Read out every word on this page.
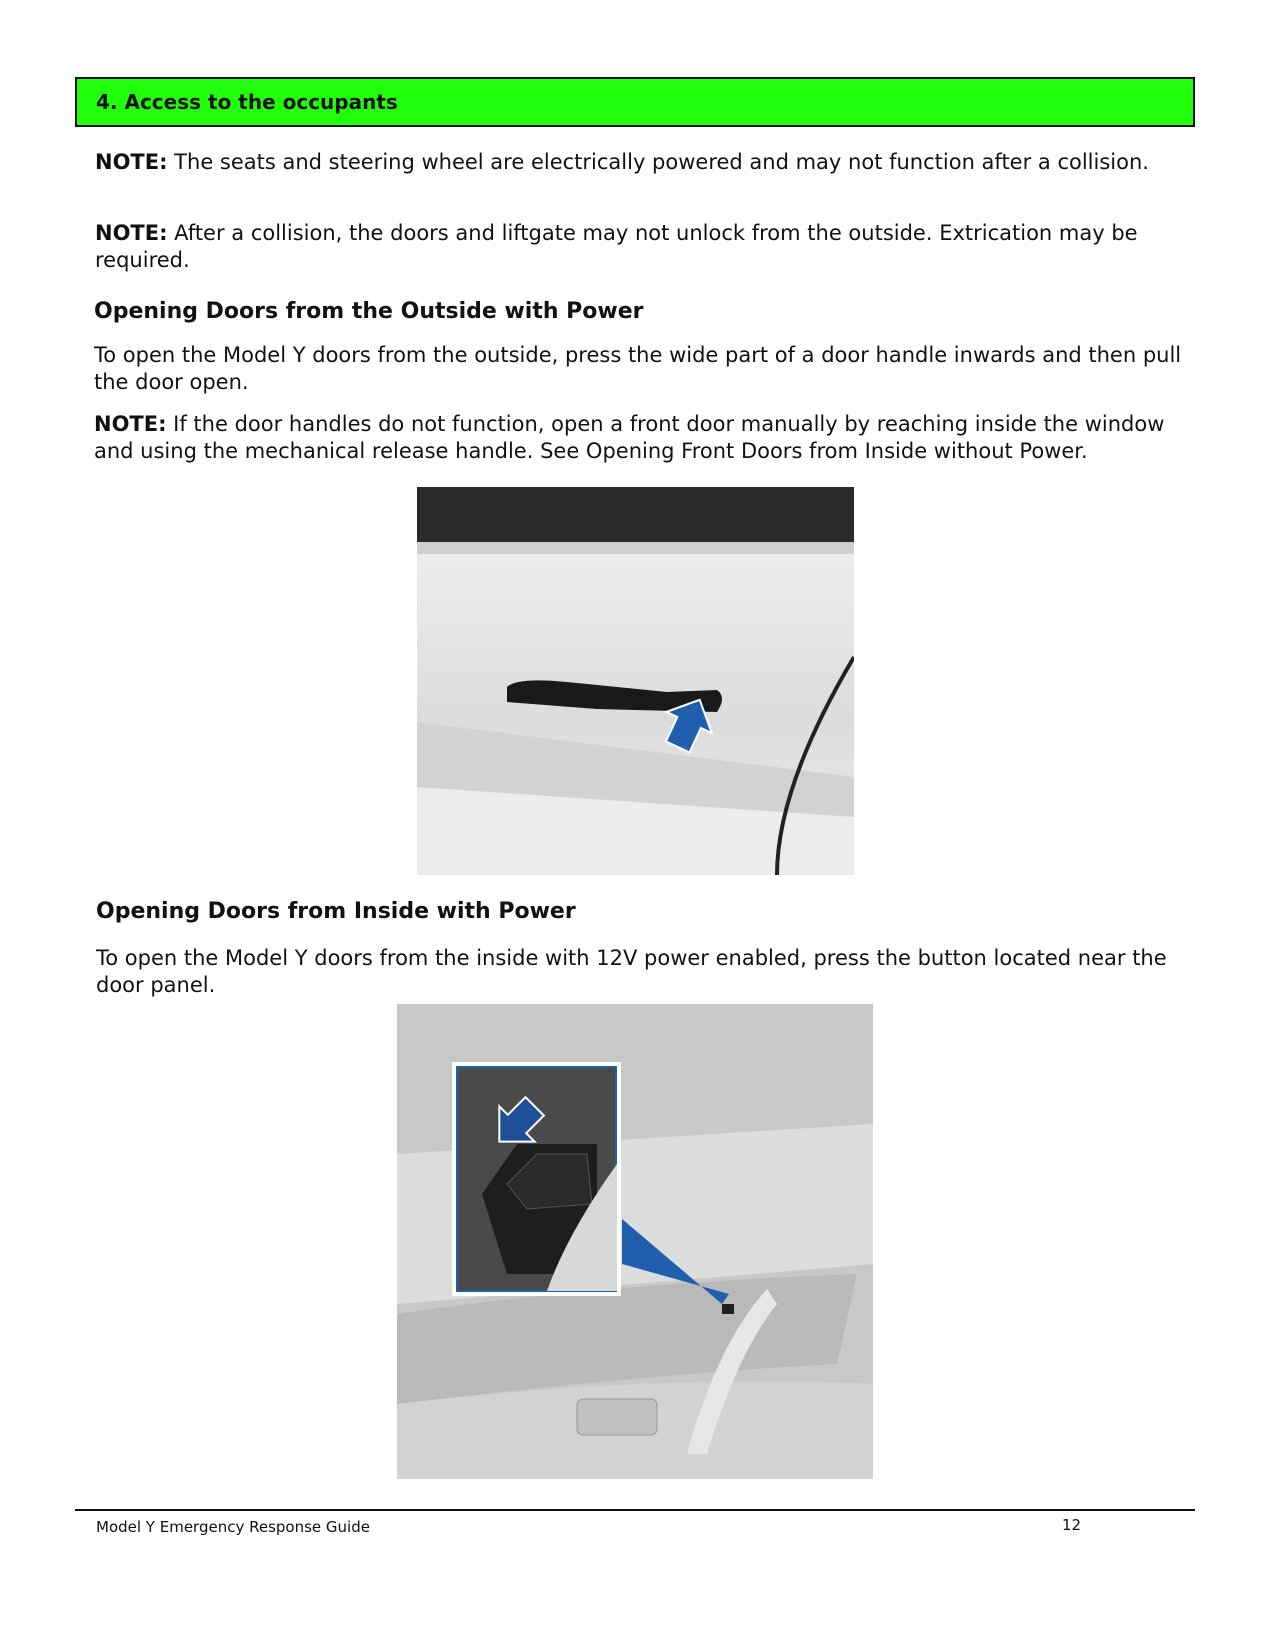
4. Access to the occupants
NOTE: The seats and steering wheel are electrically powered and may not function after a collision.
NOTE: After a collision, the doors and liftgate may not unlock from the outside. Extrication may be required.
Opening Doors from the Outside with Power
To open the Model Y doors from the outside, press the wide part of a door handle inwards and then pull the door open.
NOTE: If the door handles do not function, open a front door manually by reaching inside the window and using the mechanical release handle. See Opening Front Doors from Inside without Power.
Opening Doors from Inside with Power
To open the Model Y doors from the inside with 12V power enabled, press the button located near the door panel.
Model Y Emergency Response Guide	12
